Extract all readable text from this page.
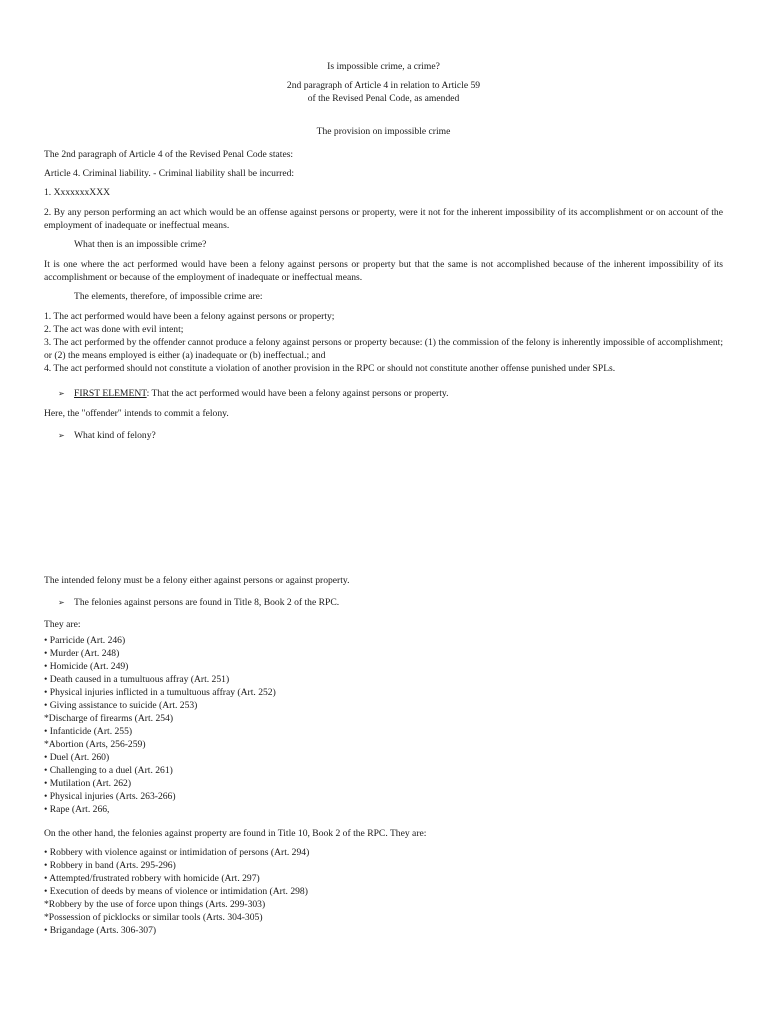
Is impossible crime, a crime?
2nd paragraph of Article 4 in relation to Article 59
of the Revised Penal Code, as amended
The provision on impossible crime
The 2nd paragraph of Article 4 of the Revised Penal Code states:
Article 4. Criminal liability. - Criminal liability shall be incurred:
1. XxxxxxxXXX
2. By any person performing an act which would be an offense against persons or property, were it not for the inherent impossibility of its accomplishment or on account of the employment of inadequate or ineffectual means.
What then is an impossible crime?
It is one where the act performed would have been a felony against persons or property but that the same is not accomplished because of the inherent impossibility of its accomplishment or because of the employment of inadequate or ineffectual means.
The elements, therefore, of impossible crime are:
1. The act performed would have been a felony against persons or property;
2. The act was done with evil intent;
3. The act performed by the offender cannot produce a felony against persons or property because: (1) the commission of the felony is inherently impossible of accomplishment; or (2) the means employed is either (a) inadequate or (b) ineffectual.; and
4. The act performed should not constitute a violation of another provision in the RPC or should not constitute another offense punished under SPLs.
➢ FIRST ELEMENT: That the act performed would have been a felony against persons or property.
Here, the "offender" intends to commit a felony.
➢ What kind of felony?
The intended felony must be a felony either against persons or against property.
➢ The felonies against persons are found in Title 8, Book 2 of the RPC.
They are:
• Parricide (Art. 246)
• Murder (Art. 248)
• Homicide (Art. 249)
• Death caused in a tumultuous affray (Art. 251)
• Physical injuries inflicted in a tumultuous affray (Art. 252)
• Giving assistance to suicide (Art. 253)
*Discharge of firearms (Art. 254)
• Infanticide (Art. 255)
*Abortion (Arts, 256-259)
• Duel (Art. 260)
• Challenging to a duel (Art. 261)
• Mutilation (Art. 262)
• Physical injuries (Arts. 263-266)
• Rape (Art. 266,
On the other hand, the felonies against property are found in Title 10, Book 2 of the RPC. They are:
• Robbery with violence against or intimidation of persons (Art. 294)
• Robbery in band (Arts. 295-296)
• Attempted/frustrated robbery with homicide (Art. 297)
• Execution of deeds by means of violence or intimidation (Art. 298)
*Robbery by the use of force upon things (Arts. 299-303)
*Possession of picklocks or similar tools (Arts. 304-305)
• Brigandage (Arts. 306-307)
